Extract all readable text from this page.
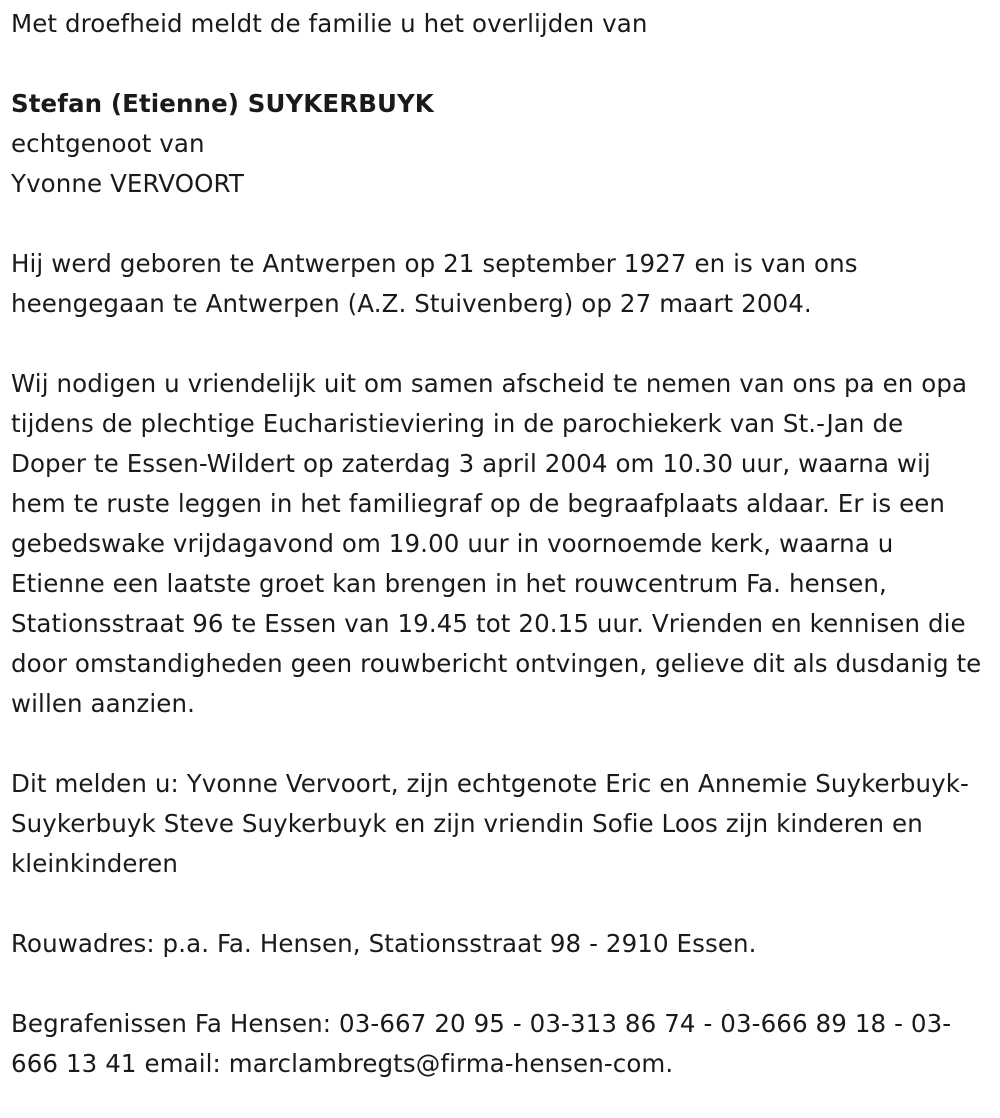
Met droefheid meldt de familie u het overlijden van

Stefan (Etienne) SUYKERBUYK

echtgenoot van

Yvonne VERVOORT

Hij werd geboren te Antwerpen op 21 september 1927 en is van ons heengegaan te Antwerpen (A.Z. Stuivenberg) op 27 maart 2004.

Wij nodigen u vriendelijk uit om samen afscheid te nemen van ons pa en opa tijdens de plechtige Eucharistieviering in de parochiekerk van St.-Jan de Doper te Essen-Wildert op zaterdag 3 april 2004 om 10.30 uur, waarna wij hem te ruste leggen in het familiegraf op de begraafplaats aldaar. Er is een gebedswake vrijdagavond om 19.00 uur in voornoemde kerk, waarna u Etienne een laatste groet kan brengen in het rouwcentrum Fa. hensen, Stationsstraat 96 te Essen van 19.45 tot 20.15 uur. Vrienden en kennisen die door omstandigheden geen rouwbericht ontvingen, gelieve dit als dusdanig te willen aanzien.

Dit melden u: Yvonne Vervoort, zijn echtgenote Eric en Annemie Suykerbuyk-Suykerbuyk Steve Suykerbuyk en zijn vriendin Sofie Loos zijn kinderen en kleinkinderen

Rouwadres: p.a. Fa. Hensen, Stationsstraat 98 - 2910 Essen.

Begrafenissen Fa Hensen: 03-667 20 95 - 03-313 86 74 - 03-666 89 18 - 03-666 13 41 email: marclambregts@firma-hensen-com.
